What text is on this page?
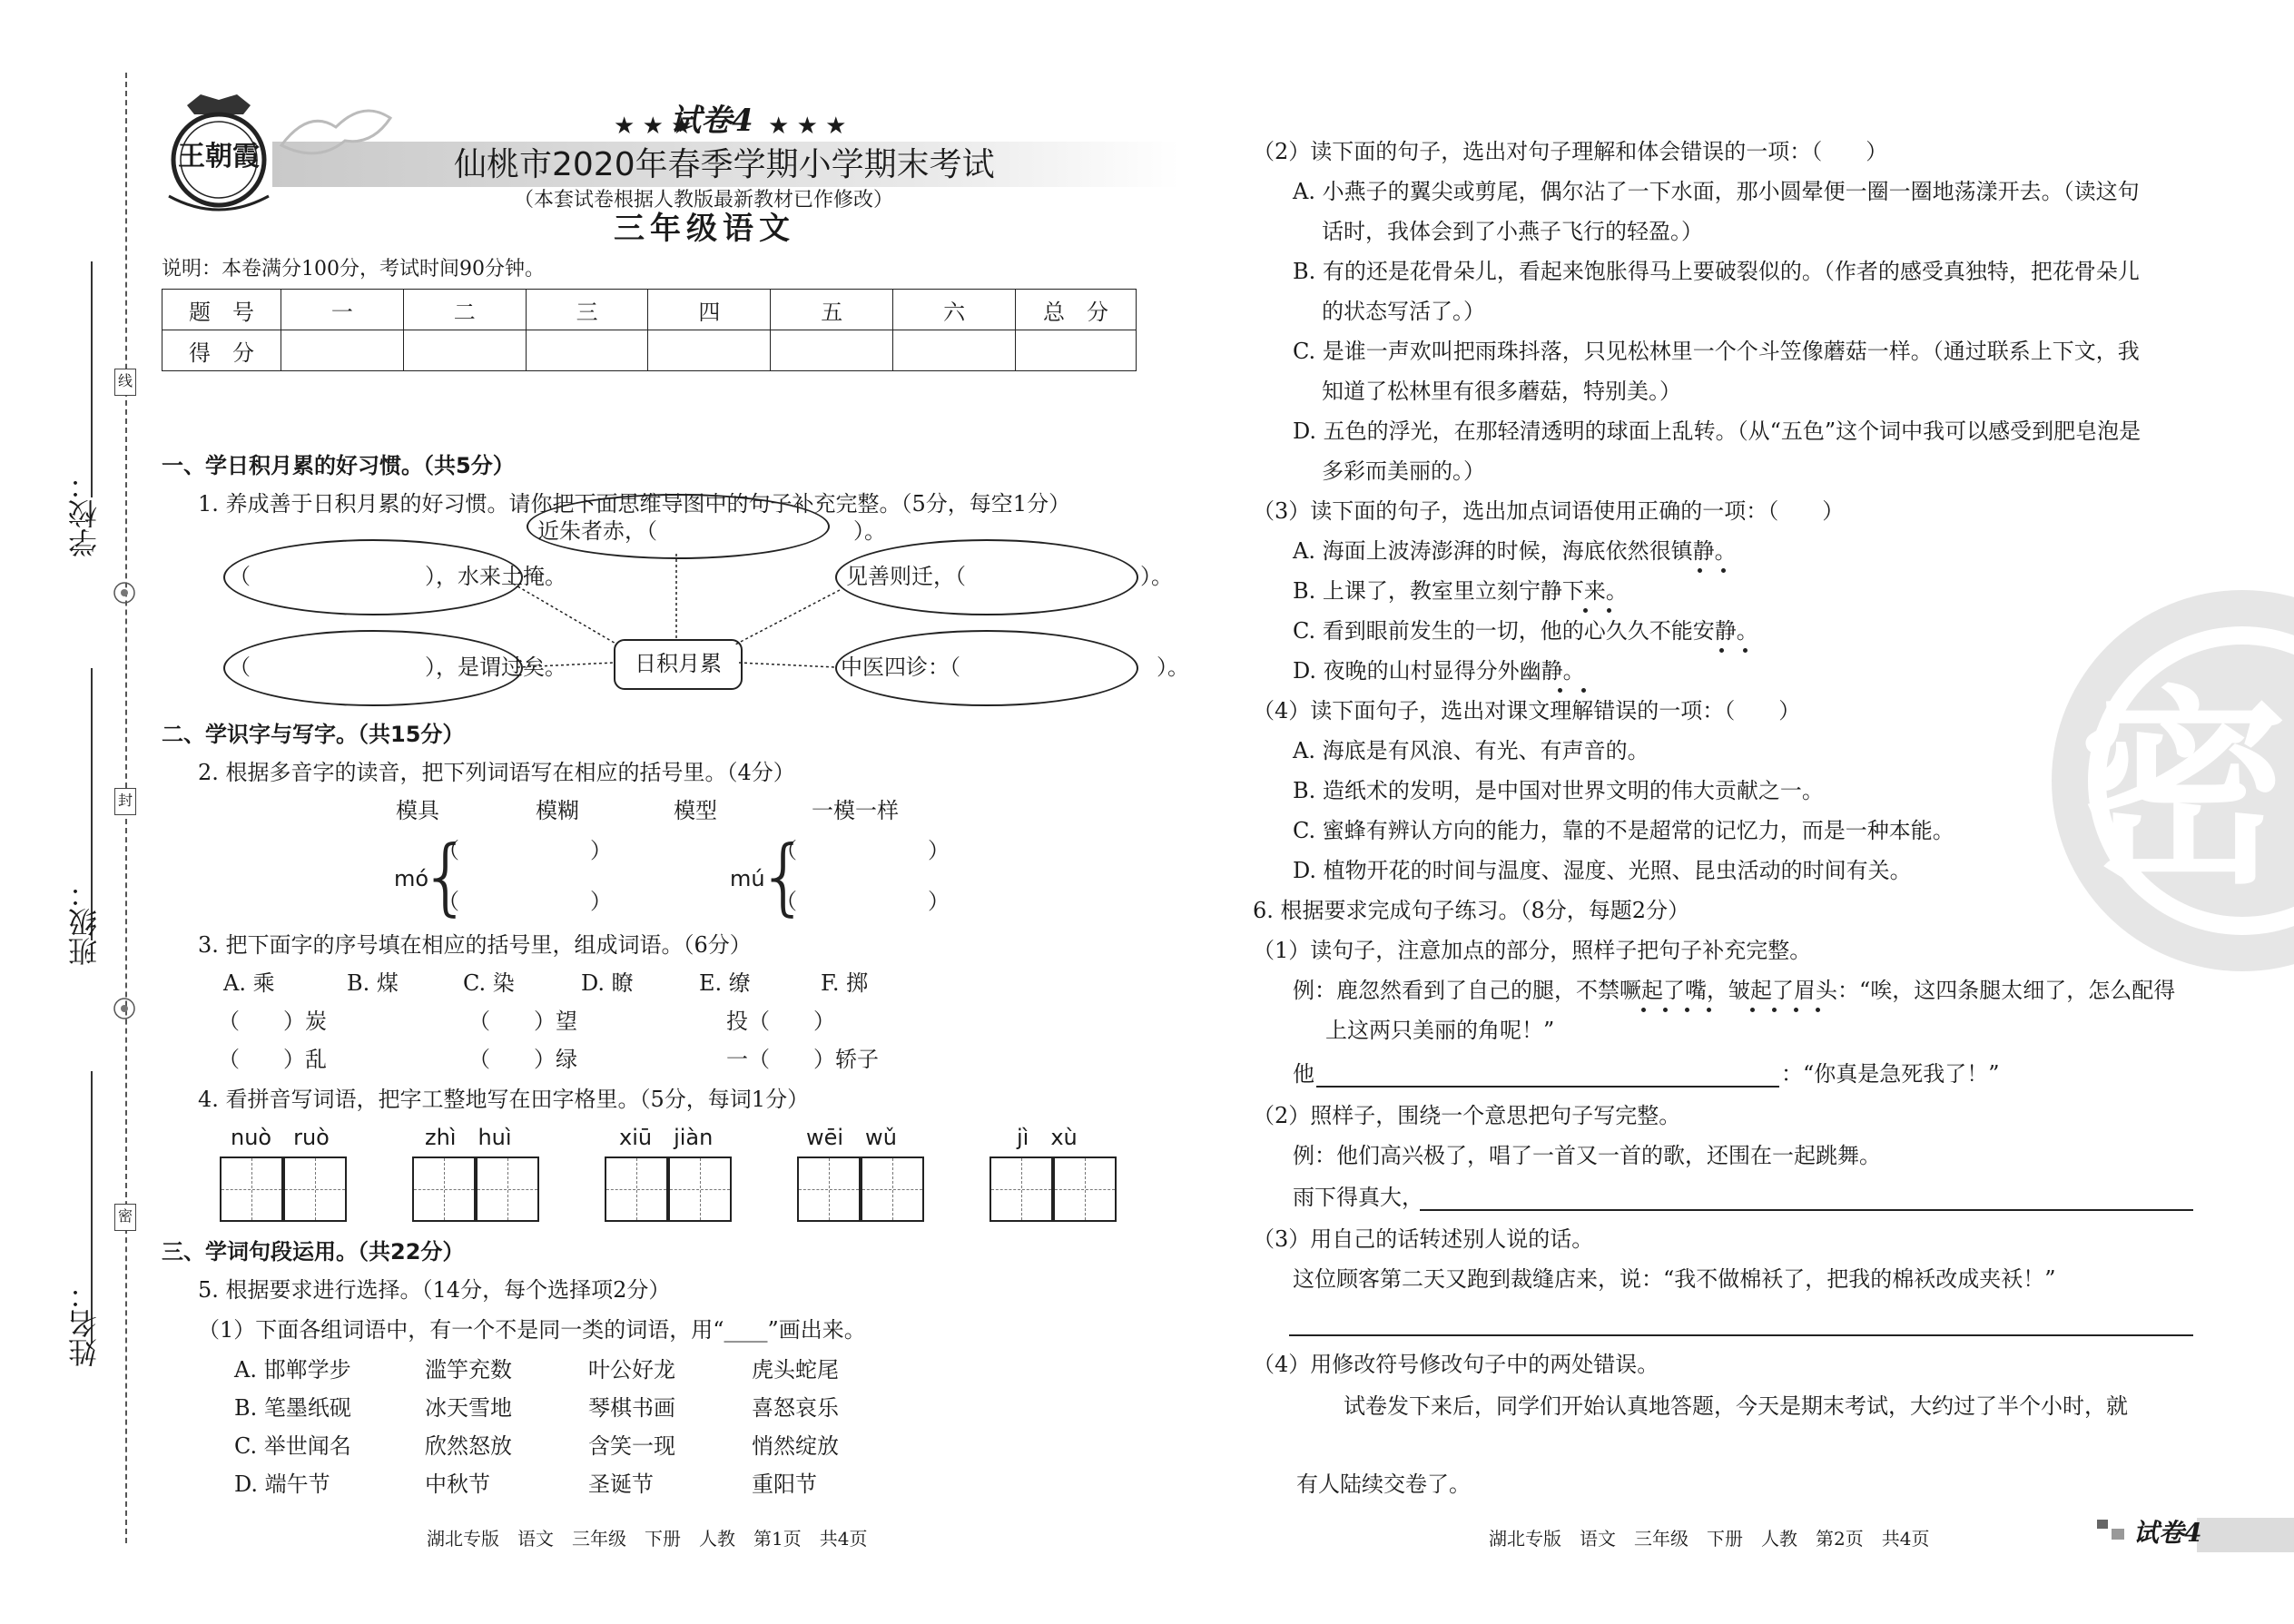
学校：
班级：
姓名：
线
封
密
王朝霞
★ ★ ★
试卷4 ★ ★ ★
仙桃市2020年春季学期小学期末考试
（本套试卷根据人教版最新教材已作修改）
三年级语文
说明：本卷满分100分，考试时间90分钟。
题　号	一	二	三	四	五	六	总　分
得　分							
一、学日积月累的好习惯。（共5分）
1. 养成善于日积月累的好习惯。请你把下面思维导图中的句子补充完整。（5分，每空1分）
近朱者赤，（　　　　　　　　　）。
（　　　　　　　　），水来土掩。	见善则迁，（　　　　　　　　）。
（　　　　　　　　），是谓过矣。	中医四诊：（　　　　　　　　　）。
日积月累
二、学识字与写字。（共15分）
2. 根据多音字的读音，把下列词语写在相应的括号里。（4分）
模具	模糊	模型	一模一样
mó
{
（　　　　　　）
（　　　　　　）
mú
{
（　　　　　　）
（　　　　　　）
3. 把下面字的序号填在相应的括号里，组成词语。（6分）
A. 乘	B. 煤	C. 染	D. 瞭	E. 缭	F. 掷
（　　）炭	（　　）望	投（　　）
（　　）乱	（　　）绿	一（　　）轿子
4. 看拼音写词语，把字工整地写在田字格里。（5分，每词1分）
nuò　ruò	zhì　huì	xiū　jiàn	wēi　wǔ	jì　xù
三、学词句段运用。（共22分）
5. 根据要求进行选择。（14分，每个选择项2分）
（1）下面各组词语中，有一个不是同一类的词语，用“____”画出来。
A. 邯郸学步	滥竽充数	叶公好龙	虎头蛇尾
B. 笔墨纸砚	冰天雪地	琴棋书画	喜怒哀乐
C. 举世闻名	欣然怒放	含笑一现	悄然绽放
D. 端午节	中秋节	圣诞节	重阳节
湖北专版　语文　三年级　下册　人教　第1页　共4页
密
（2）读下面的句子，选出对句子理解和体会错误的一项：（　　）
A. 小燕子的翼尖或剪尾，偶尔沾了一下水面，那小圆晕便一圈一圈地荡漾开去。（读这句
话时，我体会到了小燕子飞行的轻盈。）
B. 有的还是花骨朵儿，看起来饱胀得马上要破裂似的。（作者的感受真独特，把花骨朵儿
的状态写活了。）
C. 是谁一声欢叫把雨珠抖落，只见松林里一个个斗笠像蘑菇一样。（通过联系上下文，我
知道了松林里有很多蘑菇，特别美。）
D. 五色的浮光，在那轻清透明的球面上乱转。（从“五色”这个词中我可以感受到肥皂泡是
多彩而美丽的。）
（3）读下面的句子，选出加点词语使用正确的一项：（　　）
A. 海面上波涛澎湃的时候，海底依然很镇静。
B. 上课了，教室里立刻宁静下来。
C. 看到眼前发生的一切，他的心久久不能安静。
D. 夜晚的山村显得分外幽静。
（4）读下面句子，选出对课文理解错误的一项：（　　）
A. 海底是有风浪、有光、有声音的。
B. 造纸术的发明，是中国对世界文明的伟大贡献之一。
C. 蜜蜂有辨认方向的能力，靠的不是超常的记忆力，而是一种本能。
D. 植物开花的时间与温度、湿度、光照、昆虫活动的时间有关。
6. 根据要求完成句子练习。（8分，每题2分）
（1）读句子，注意加点的部分，照样子把句子补充完整。
例：鹿忽然看到了自己的腿，不禁噘起了嘴，皱起了眉头：“唉，这四条腿太细了，怎么配得
上这两只美丽的角呢！”
他	：“你真是急死我了！”
（2）照样子，围绕一个意思把句子写完整。
例：他们高兴极了，唱了一首又一首的歌，还围在一起跳舞。
雨下得真大，
（3）用自己的话转述别人说的话。
这位顾客第二天又跑到裁缝店来，说：“我不做棉袄了，把我的棉袄改成夹袄！”
（4）用修改符号修改句子中的两处错误。
试卷发下来后，同学们开始认真地答题，今天是期末考试，大约过了半个小时，就
有人陆续交卷了。
湖北专版　语文　三年级　下册　人教　第2页　共4页	试卷4
